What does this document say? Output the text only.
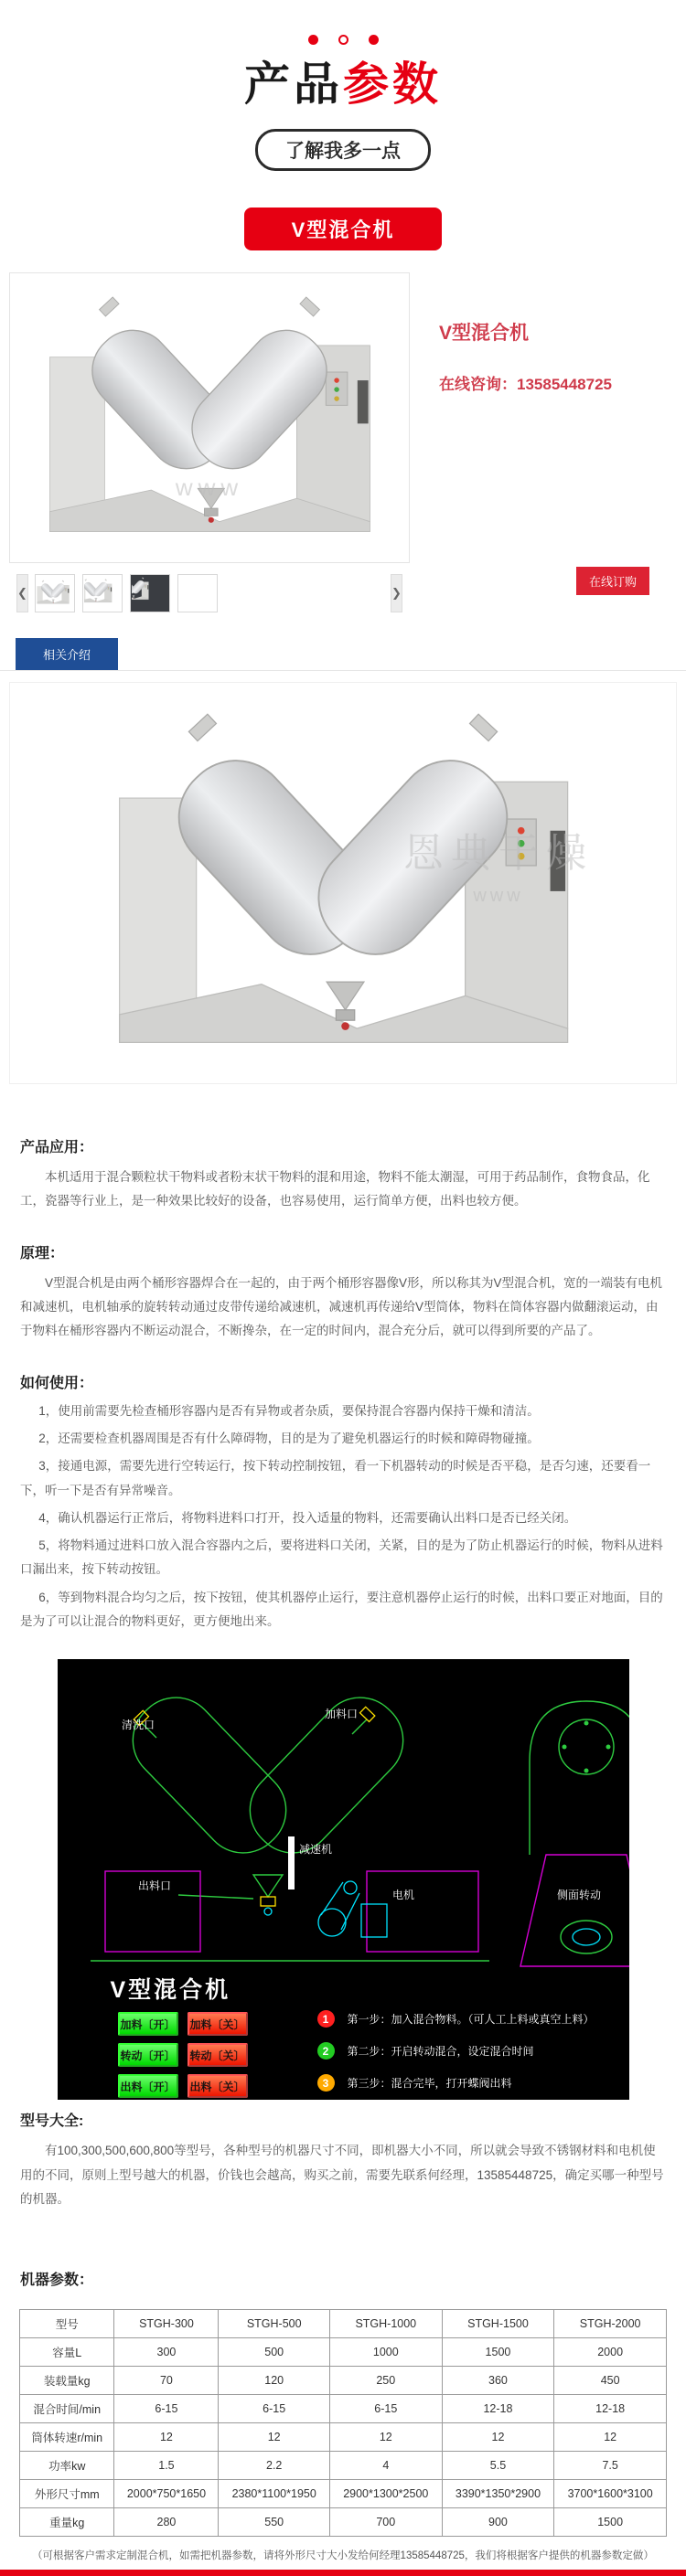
产品参数
了解我多一点
V型混合机
www
V型混合机
在线咨询：13585448725
❮	❯
在线订购
相关介绍
恩典干燥
www
产品应用：

本机适用于混合颗粒状干物料或者粉末状干物料的混和用途，物料不能太潮湿，可用于药品制作，食物食品，化工，瓷器等行业上，是一种效果比较好的设备，也容易使用，运行简单方便，出料也较方便。

原理：

V型混合机是由两个桶形容器焊合在一起的，由于两个桶形容器像V形，所以称其为V型混合机，宽的一端装有电机和减速机，电机轴承的旋转转动通过皮带传递给减速机，减速机再传递给V型筒体，物料在筒体容器内做翻滚运动，由于物料在桶形容器内不断运动混合，不断搀杂，在一定的时间内，混合充分后，就可以得到所要的产品了。

如何使用：
1，使用前需要先检查桶形容器内是否有异物或者杂质，要保持混合容器内保持干燥和清洁。
2，还需要检查机器周围是否有什么障碍物，目的是为了避免机器运行的时候和障碍物碰撞。
3，接通电源，需要先进行空转运行，按下转动控制按钮，看一下机器转动的时候是否平稳，是否匀速，还要看一下，听一下是否有异常噪音。
4，确认机器运行正常后，将物料进料口打开，投入适量的物料，还需要确认出料口是否已经关闭。
5，将物料通过进料口放入混合容器内之后，要将进料口关闭，关紧，目的是为了防止机器运行的时候，物料从进料口漏出来，按下转动按钮。
6，等到物料混合均匀之后，按下按钮，使其机器停止运行，要注意机器停止运行的时候，出料口要正对地面，目的是为了可以让混合的物料更好，更方便地出来。
清洗口
加料口
出料口
减速机
电机	侧面转动
V型混合机
加料〔开〕 加料〔关〕
转动〔开〕 转动〔关〕
出料〔开〕 出料〔关〕
1	第一步：加入混合物料。（可人工上料或真空上料）
2	第二步：开启转动混合，设定混合时间
3	第三步：混合完毕，打开蝶阀出料
型号大全:

有100,300,500,600,800等型号，各种型号的机器尺寸不同，即机器大小不同，所以就会导致不锈钢材料和电机使用的不同，原则上型号越大的机器，价钱也会越高，购买之前，需要先联系何经理，13585448725，确定买哪一种型号的机器。

机器参数：
型号	STGH-300	STGH-500	STGH-1000	STGH-1500	STGH-2000
容量L	300	500	1000	1500	2000
装载量kg	70	120	250	360	450
混合时间/min	6-15	6-15	6-15	12-18	12-18
筒体转速r/min	12	12	12	12	12
功率kw	1.5	2.2	4	5.5	7.5
外形尺寸mm	2000*750*1650	2380*1100*1950	2900*1300*2500	3390*1350*2900	3700*1600*3100
重量kg	280	550	700	900	1500
（可根据客户需求定制混合机，如需把机器参数，请将外形尺寸大小发给何经理13585448725，我们将根据客户提供的机器参数定做）
